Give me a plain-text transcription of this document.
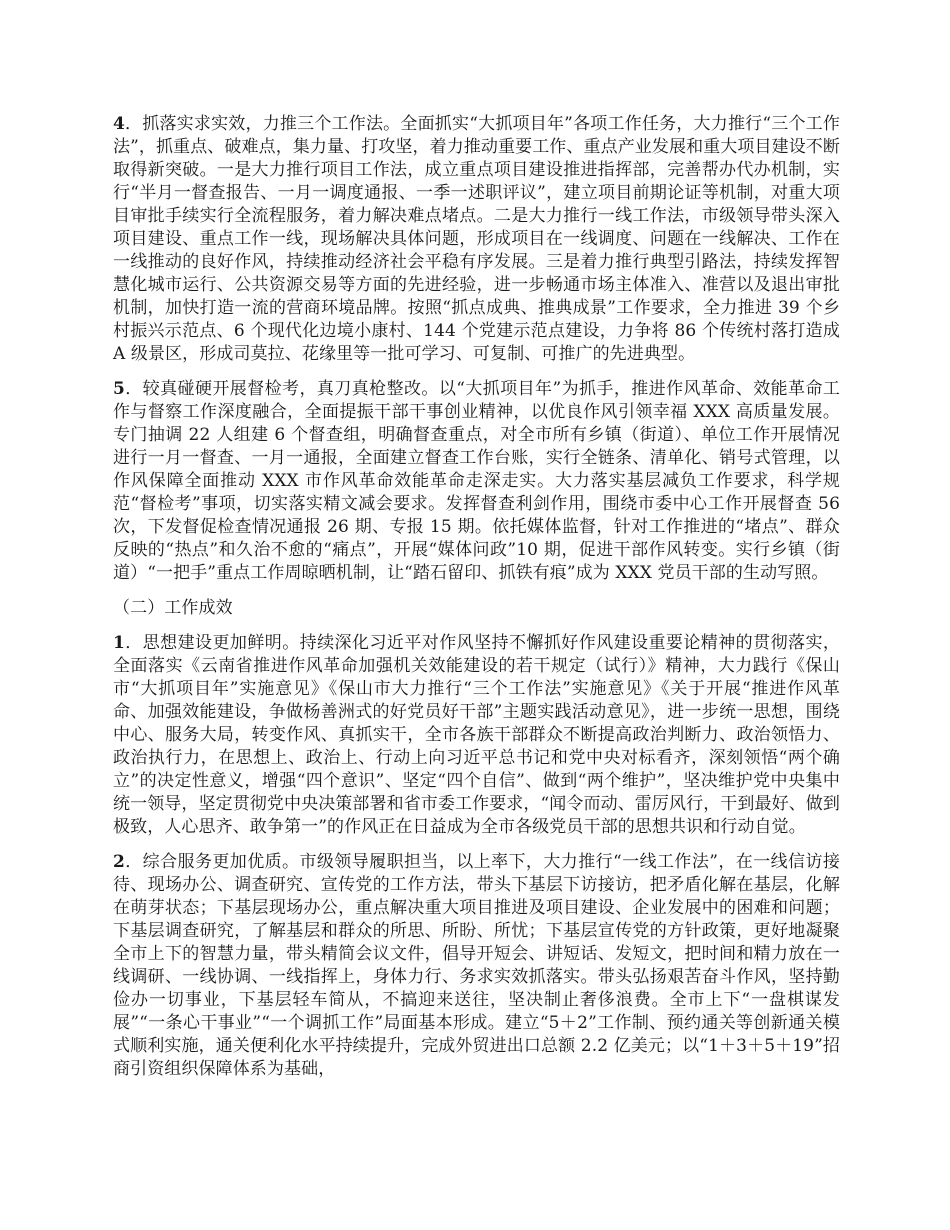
4．抓落实求实效，力推三个工作法。全面抓实“大抓项目年”各项工作任务，大力推行“三个工作法”，抓重点、破难点，集力量、打攻坚，着力推动重要工作、重点产业发展和重大项目建设不断取得新突破。一是大力推行项目工作法，成立重点项目建设推进指挥部，完善帮办代办机制，实行“半月一督查报告、一月一调度通报、一季一述职评议”，建立项目前期论证等机制，对重大项目审批手续实行全流程服务，着力解决难点堵点。二是大力推行一线工作法，市级领导带头深入项目建设、重点工作一线，现场解决具体问题，形成项目在一线调度、问题在一线解决、工作在一线推动的良好作风，持续推动经济社会平稳有序发展。三是着力推行典型引路法，持续发挥智慧化城市运行、公共资源交易等方面的先进经验，进一步畅通市场主体准入、准营以及退出审批机制，加快打造一流的营商环境品牌。按照“抓点成典、推典成景”工作要求，全力推进 39 个乡村振兴示范点、6 个现代化边境小康村、144 个党建示范点建设，力争将 86 个传统村落打造成 A 级景区，形成司莫拉、花缘里等一批可学习、可复制、可推广的先进典型。

5．较真碰硬开展督检考，真刀真枪整改。以“大抓项目年”为抓手，推进作风革命、效能革命工作与督察工作深度融合，全面提振干部干事创业精神，以优良作风引领幸福 XXX 高质量发展。专门抽调 22 人组建 6 个督查组，明确督查重点，对全市所有乡镇（街道）、单位工作开展情况进行一月一督查、一月一通报，全面建立督查工作台账，实行全链条、清单化、销号式管理，以作风保障全面推动 XXX 市作风革命效能革命走深走实。大力落实基层减负工作要求，科学规范“督检考”事项，切实落实精文减会要求。发挥督查利剑作用，围绕市委中心工作开展督查 56 次，下发督促检查情况通报 26 期、专报 15 期。依托媒体监督，针对工作推进的“堵点”、群众反映的“热点”和久治不愈的“痛点”，开展“媒体问政”10 期，促进干部作风转变。实行乡镇（街道）“一把手”重点工作周晾晒机制，让“踏石留印、抓铁有痕”成为 XXX 党员干部的生动写照。

（二）工作成效

1．思想建设更加鲜明。持续深化习近平对作风坚持不懈抓好作风建设重要论精神的贯彻落实，全面落实《云南省推进作风革命加强机关效能建设的若干规定（试行）》精神，大力践行《保山市“大抓项目年”实施意见》《保山市大力推行“三个工作法”实施意见》《关于开展“推进作风革命、加强效能建设，争做杨善洲式的好党员好干部”主题实践活动意见》，进一步统一思想，围绕中心、服务大局，转变作风、真抓实干，全市各族干部群众不断提高政治判断力、政治领悟力、政治执行力，在思想上、政治上、行动上向习近平总书记和党中央对标看齐，深刻领悟“两个确立”的决定性意义，增强“四个意识”、坚定“四个自信”、做到“两个维护”，坚决维护党中央集中统一领导，坚定贯彻党中央决策部署和省市委工作要求，“闻令而动、雷厉风行，干到最好、做到极致，人心思齐、敢争第一”的作风正在日益成为全市各级党员干部的思想共识和行动自觉。

2．综合服务更加优质。市级领导履职担当，以上率下，大力推行“一线工作法”，在一线信访接待、现场办公、调查研究、宣传党的工作方法，带头下基层下访接访，把矛盾化解在基层，化解在萌芽状态；下基层现场办公，重点解决重大项目推进及项目建设、企业发展中的困难和问题；下基层调查研究，了解基层和群众的所思、所盼、所忧；下基层宣传党的方针政策，更好地凝聚全市上下的智慧力量，带头精简会议文件，倡导开短会、讲短话、发短文，把时间和精力放在一线调研、一线协调、一线指挥上，身体力行、务求实效抓落实。带头弘扬艰苦奋斗作风，坚持勤俭办一切事业，下基层轻车简从，不搞迎来送往，坚决制止奢侈浪费。全市上下“一盘棋谋发展”“一条心干事业”“一个调抓工作”局面基本形成。建立“5＋2”工作制、预约通关等创新通关模式顺利实施，通关便利化水平持续提升，完成外贸进出口总额 2.2 亿美元；以“1＋3＋5＋19”招商引资组织保障体系为基础，
